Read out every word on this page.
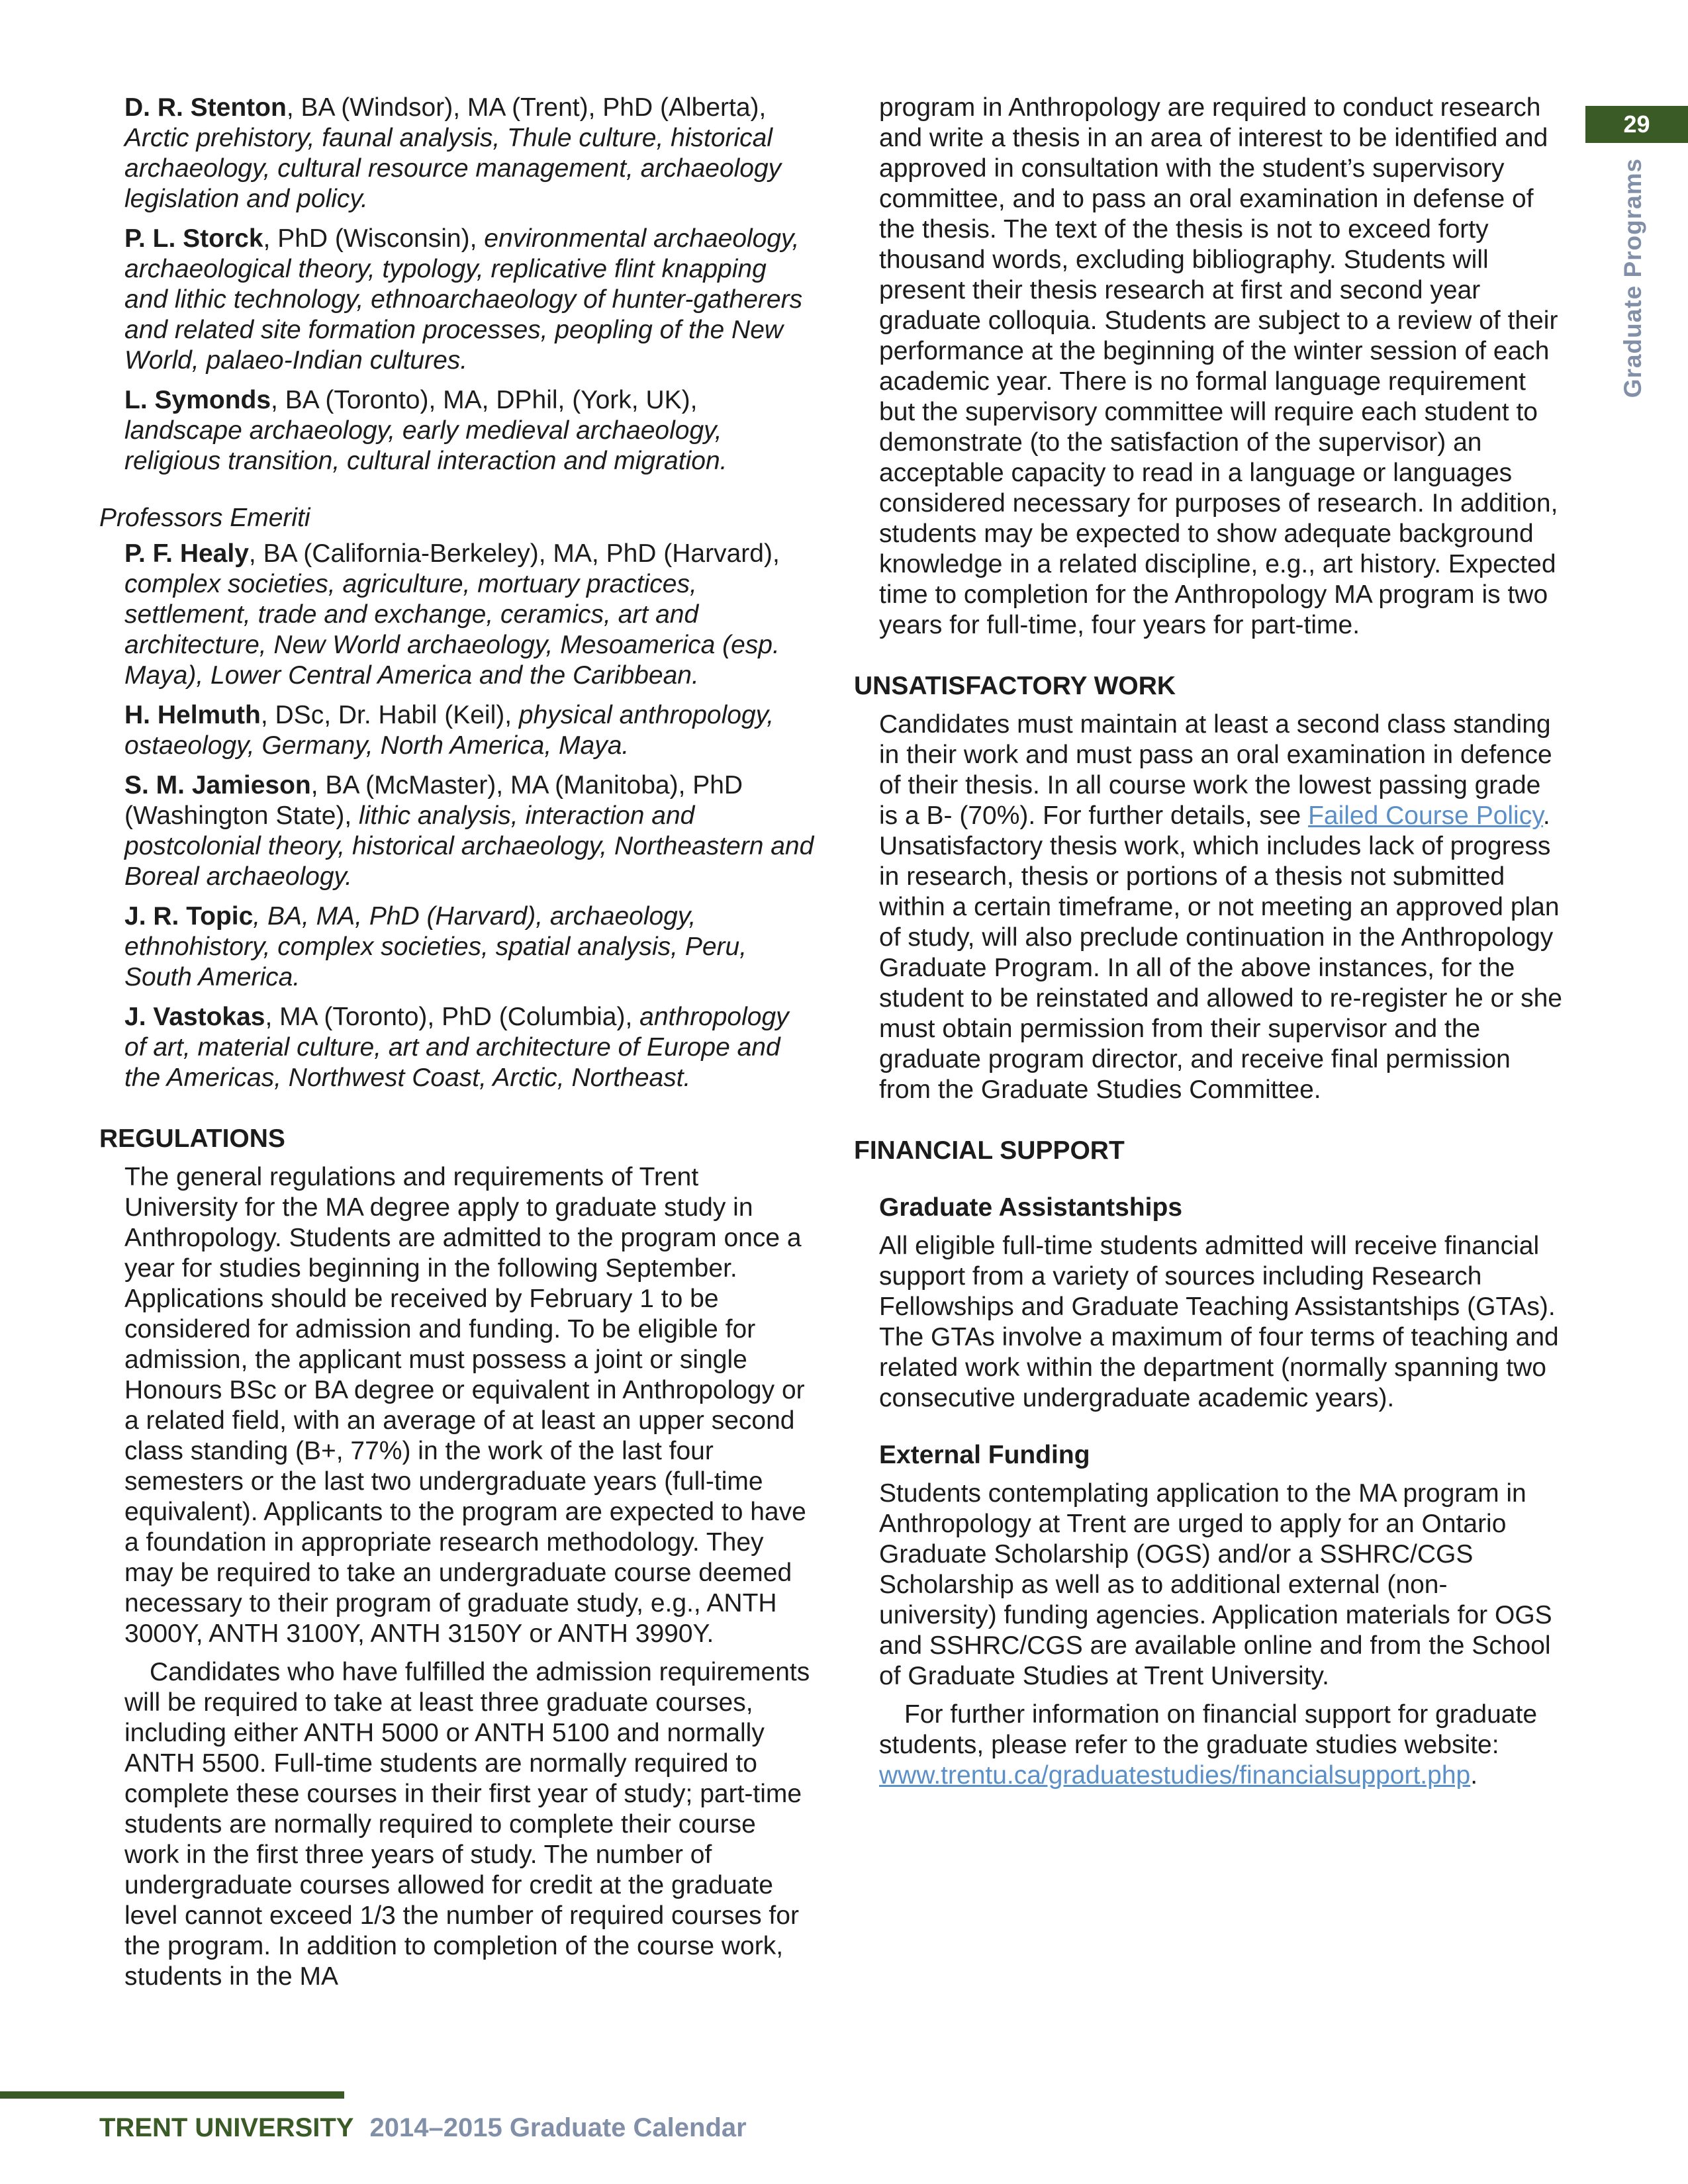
D. R. Stenton, BA (Windsor), MA (Trent), PhD (Alberta), Arctic prehistory, faunal analysis, Thule culture, historical archaeology, cultural resource management, archaeology legislation and policy.
P. L. Storck, PhD (Wisconsin), environmental archaeology, archaeological theory, typology, replicative flint knapping and lithic technology, ethnoarchaeology of hunter-gatherers and related site formation processes, peopling of the New World, palaeo-Indian cultures.
L. Symonds, BA (Toronto), MA, DPhil, (York, UK), landscape archaeology, early medieval archaeology, religious transition, cultural interaction and migration.
Professors Emeriti
P. F. Healy, BA (California-Berkeley), MA, PhD (Harvard), complex societies, agriculture, mortuary practices, settlement, trade and exchange, ceramics, art and architecture, New World archaeology, Mesoamerica (esp. Maya), Lower Central America and the Caribbean.
H. Helmuth, DSc, Dr. Habil (Keil), physical anthropology, ostaeology, Germany, North America, Maya.
S. M. Jamieson, BA (McMaster), MA (Manitoba), PhD (Washington State), lithic analysis, interaction and postcolonial theory, historical archaeology, Northeastern and Boreal archaeology.
J. R. Topic, BA, MA, PhD (Harvard), archaeology, ethnohistory, complex societies, spatial analysis, Peru, South America.
J. Vastokas, MA (Toronto), PhD (Columbia), anthropology of art, material culture, art and architecture of Europe and the Americas, Northwest Coast, Arctic, Northeast.
REGULATIONS
The general regulations and requirements of Trent University for the MA degree apply to graduate study in Anthropology. Students are admitted to the program once a year for studies beginning in the following September. Applications should be received by February 1 to be considered for admission and funding. To be eligible for admission, the applicant must possess a joint or single Honours BSc or BA degree or equivalent in Anthropology or a related field, with an average of at least an upper second class standing (B+, 77%) in the work of the last four semesters or the last two undergraduate years (full-time equivalent). Applicants to the program are expected to have a foundation in appropriate research methodology. They may be required to take an undergraduate course deemed necessary to their program of graduate study, e.g., ANTH 3000Y, ANTH 3100Y, ANTH 3150Y or ANTH 3990Y.
Candidates who have fulfilled the admission requirements will be required to take at least three graduate courses, including either ANTH 5000 or ANTH 5100 and normally ANTH 5500. Full-time students are normally required to complete these courses in their first year of study; part-time students are normally required to complete their course work in the first three years of study. The number of undergraduate courses allowed for credit at the graduate level cannot exceed 1/3 the number of required courses for the program. In addition to completion of the course work, students in the MA
program in Anthropology are required to conduct research and write a thesis in an area of interest to be identified and approved in consultation with the student’s supervisory committee, and to pass an oral examination in defense of the thesis. The text of the thesis is not to exceed forty thousand words, excluding bibliography. Students will present their thesis research at first and second year graduate colloquia. Students are subject to a review of their performance at the beginning of the winter session of each academic year. There is no formal language requirement but the supervisory committee will require each student to demonstrate (to the satisfaction of the supervisor) an acceptable capacity to read in a language or languages considered necessary for purposes of research. In addition, students may be expected to show adequate background knowledge in a related discipline, e.g., art history. Expected time to completion for the Anthropology MA program is two years for full-time, four years for part-time.
UNSATISFACTORY WORK
Candidates must maintain at least a second class standing in their work and must pass an oral examination in defence of their thesis. In all course work the lowest passing grade is a B- (70%). For further details, see Failed Course Policy. Unsatisfactory thesis work, which includes lack of progress in research, thesis or portions of a thesis not submitted within a certain timeframe, or not meeting an approved plan of study, will also preclude continuation in the Anthropology Graduate Program. In all of the above instances, for the student to be reinstated and allowed to re-register he or she must obtain permission from their supervisor and the graduate program director, and receive final permission from the Graduate Studies Committee.
FINANCIAL SUPPORT
Graduate Assistantships
All eligible full-time students admitted will receive financial support from a variety of sources including Research Fellowships and Graduate Teaching Assistantships (GTAs). The GTAs involve a maximum of four terms of teaching and related work within the department (normally spanning two consecutive undergraduate academic years).
External Funding
Students contemplating application to the MA program in Anthropology at Trent are urged to apply for an Ontario Graduate Scholarship (OGS) and/or a SSHRC/CGS Scholarship as well as to additional external (non-university) funding agencies. Application materials for OGS and SSHRC/CGS are available online and from the School of Graduate Studies at Trent University.
For further information on financial support for graduate students, please refer to the graduate studies website:
www.trentu.ca/graduatestudies/financialsupport.php.
29
Graduate Programs
TRENT UNIVERSITY 2014–2015 Graduate Calendar
